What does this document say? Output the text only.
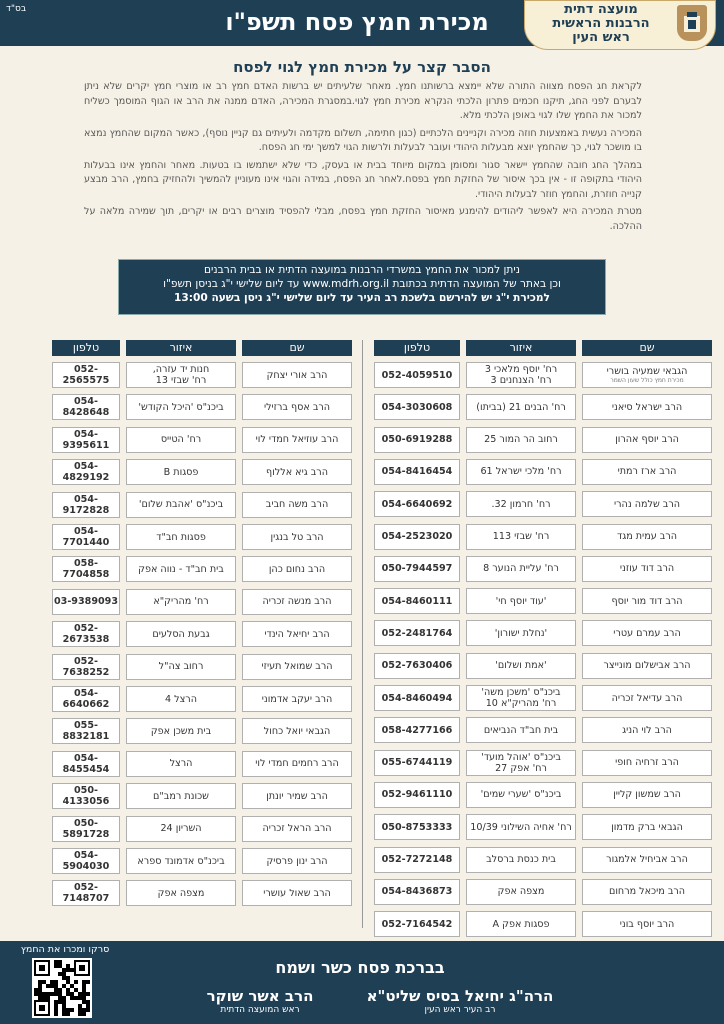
בס"ד	מכירת חמץ פסח תשפ"ו	מועצה דתית
הרבנות הראשית
ראש העין
הסבר קצר על מכירת חמץ לגוי לפסח

לקראת חג הפסח מצווה התורה שלא יימצא ברשותנו חמץ. מאחר שלעיתים יש ברשות האדם חמץ רב או מוצרי חמץ יקרים שלא ניתן לבערם לפני החג, תיקנו חכמים פתרון הלכתי הנקרא מכירת חמץ לגוי.במסגרת המכירה, האדם ממנה את הרב או הגוף המוסמך כשליח למכור את החמץ שלו לגוי באופן הלכתי מלא.

המכירה נעשית באמצעות חוזה מכירה וקניינים הלכתיים (כגון חתימה, תשלום מקדמה ולעיתים גם קניין נוסף), כאשר המקום שהחמץ נמצא בו מושכר לגוי, כך שהחמץ יוצא מבעלות היהודי ועובר לבעלות ולרשות הגוי למשך ימי חג הפסח.

במהלך החג חובה שהחמץ יישאר סגור ומסומן במקום מיוחד בבית או בעסק, כדי שלא ישתמשו בו בטעות. מאחר והחמץ אינו בבעלות היהודי בתקופה זו - אין בכך איסור של החזקת חמץ בפסח.לאחר חג הפסח, במידה והגוי אינו מעוניין להמשיך ולהחזיק בחמץ, הרב מבצע קנייה חוזרת, והחמץ חוזר לבעלות היהודי.

מטרת המכירה היא לאפשר ליהודים להימנע מאיסור החזקת חמץ בפסח, מבלי להפסיד מוצרים רבים או יקרים, תוך שמירה מלאה על ההלכה.

ניתן למכור את החמץ במשרדי הרבנות במועצה הדתית או בבית הרבנים
וכן באתר של המועצה הדתית בכתובת www.mdrh.org.il עד ליום שלישי י"ג בניסן תשפ"ו
למכירת י"ג יש להירשם בלשכת רב העיר עד ליום שלישי י"ג ניסן בשעה 13:00
שם
איזור
טלפון
הגבאי שמעיה בושרי
מכירת חמץ כולל שעון השמר
רח' יוסף מלאכי 3
רח' הצנחנים 3
052-4059510
הרב ישראל סיאני
רח' הבנים 21 (בביתו)
054-3030608
הרב יוסף אהרון
רחוב הר המור 25
050-6919288
הרב ארז רמתי
רח' מלכי ישראל 61
054-8416454
הרב שלמה נהרי
רח' חרמון 32.
054-6640692
הרב עמית מגד
רח' שבזי 113
054-2523020
הרב דוד עוזני
רח' עליית הנוער 8
050-7944597
הרב דוד מור יוסף
'עוד יוסף חי'
054-8460111
הרב עמרם עטרי
'נחלת ישורון'
052-2481764
הרב אבישלום מונייצר
'אמת ושלום'
052-7630406
הרב עדיאל זכריה
ביכנ"ס 'משכן משה'
רח' מהריק"א 10
054-8460494
הרב לוי הניג
בית חב"ד הנביאים
058-4277166
הרב זרחיה חופי
ביכנ"ס 'אוהל מועד'
רח' אפק 27
055-6744119
הרב שמשון קליין
ביכנ"ס 'שערי שמים'
052-9461110
הגבאי ברק מדמון
רח' אחיה השילוני 10/39
050-8753333
הרב אביחיל אלמגור
בית כנסת ברסלב
052-7272148
הרב מיכאל מרחום
מצפה אפק
054-8436873
הרב יוסף בוני
פסגות אפק A
052-7164542
שם
איזור
טלפון
הרב אורי יצחק
חנות יד עזרה,
רח' שבזי 13
052-2565575
הרב אסף ברזילי
ביכנ"ס 'היכל הקודש'
054-8428648
הרב עוזיאל חמדי לוי
רח' הטייס
054-9395611
הרב גיא אללוף
פסגות B
054-4829192
הרב משה חביב
ביכנ"ס 'אהבת שלום'
054-9172828
הרב טל בנגין
פסגות חב"ד
054-7701440
הרב נחום כהן
בית חב"ד - נווה אפק
058-7704858
הרב מנשה זכריה
רח' מהריק"א
03-9389093
הרב יחיאל הינדי
גבעת הסלעים
052-2673538
הרב שמואל תעיזי
רחוב צה"ל
052-7638252
הרב יעקב אדמוני
הרצל 4
054-6640662
הגבאי יואל כחול
בית משכן אפק
055-8832181
הרב רחמים חמדי לוי
הרצל
054-8455454
הרב שמיר יונתן
שכונת רמב"ם
050-4133056
הרב הראל זכריה
השריון 24
050-5891728
הרב ינון פרסיק
ביכנ"ס אדמונד ספרא
054-5904030
הרב שאול עושרי
מצפה אפק
052-7148707
סרקו ומכרו את החמץ
בברכת פסח כשר ושמח
הרה"ג יחיאל בסיס שליט"א
רב העיר ראש העין
הרב אשר שוקר
ראש המועצה הדתית
